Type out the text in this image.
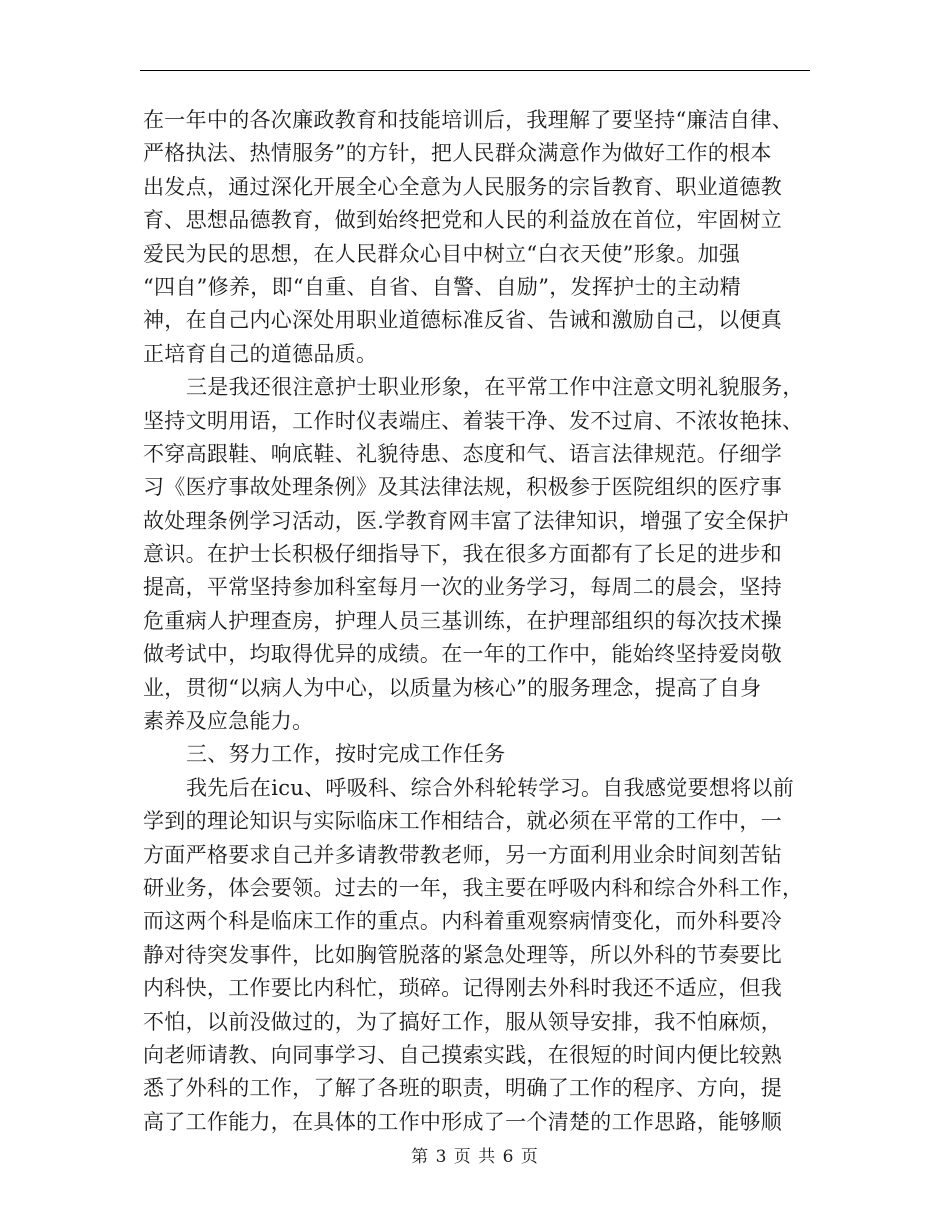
在一年中的各次廉政教育和技能培训后，我理解了要坚持“廉洁自律、
严格执法、热情服务”的方针，把人民群众满意作为做好工作的根本
出发点，通过深化开展全心全意为人民服务的宗旨教育、职业道德教
育、思想品德教育，做到始终把党和人民的利益放在首位，牢固树立
爱民为民的思想，在人民群众心目中树立“白衣天使”形象。加强
“四自”修养，即“自重、自省、自警、自励”，发挥护士的主动精
神，在自己内心深处用职业道德标准反省、告诫和激励自己，以便真
正培育自己的道德品质。
三是我还很注意护士职业形象，在平常工作中注意文明礼貌服务，
坚持文明用语，工作时仪表端庄、着装干净、发不过肩、不浓妆艳抹、
不穿高跟鞋、响底鞋、礼貌待患、态度和气、语言法律规范。仔细学
习《医疗事故处理条例》及其法律法规，积极参于医院组织的医疗事
故处理条例学习活动，医.学教育网丰富了法律知识，增强了安全保护
意识。在护士长积极仔细指导下，我在很多方面都有了长足的进步和
提高，平常坚持参加科室每月一次的业务学习，每周二的晨会，坚持
危重病人护理查房，护理人员三基训练，在护理部组织的每次技术操
做考试中，均取得优异的成绩。在一年的工作中，能始终坚持爱岗敬
业，贯彻“以病人为中心，以质量为核心”的服务理念，提高了自身
素养及应急能力。
三、努力工作，按时完成工作任务
我先后在icu、呼吸科、综合外科轮转学习。自我感觉要想将以前
学到的理论知识与实际临床工作相结合，就必须在平常的工作中，一
方面严格要求自己并多请教带教老师，另一方面利用业余时间刻苦钻
研业务，体会要领。过去的一年，我主要在呼吸内科和综合外科工作，
而这两个科是临床工作的重点。内科着重观察病情变化，而外科要冷
静对待突发事件，比如胸管脱落的紧急处理等，所以外科的节奏要比
内科快，工作要比内科忙，琐碎。记得刚去外科时我还不适应，但我
不怕，以前没做过的，为了搞好工作，服从领导安排，我不怕麻烦，
向老师请教、向同事学习、自己摸索实践，在很短的时间内便比较熟
悉了外科的工作，了解了各班的职责，明确了工作的程序、方向，提
高了工作能力，在具体的工作中形成了一个清楚的工作思路，能够顺
第 3 页 共 6 页
